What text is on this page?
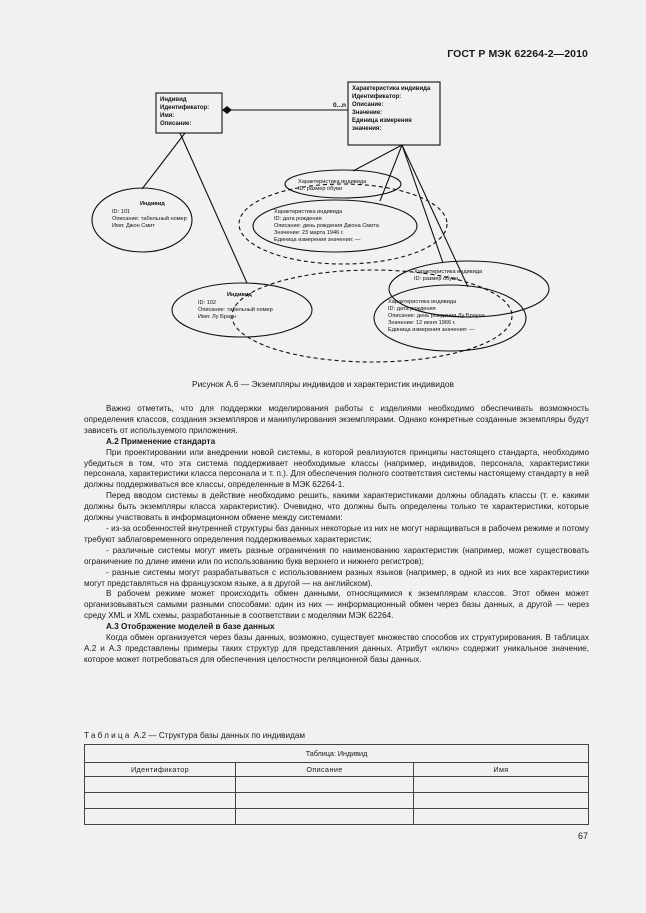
ГОСТ Р МЭК 62264-2—2010
Индивид
Идентификатор:
Имя:
Описание:
Характеристика индивида
Идентификатор:
Описание:
Значение:
Единица измерения
значения:
0...n
Индивид
ID: 101
Описание: табельный номер
Имя: Джон Смит
Характеристика индивида
ID: размер обуви
Характеристика индивида
ID: дата рождения
Описание: день рождения Джона Смита
Значение: 23 марта 1946 г.
Единица измерения значения: —
Индивид
ID: 102
Описание: табельный номер
Имя: Лу Браун
Характеристика индивида
ID: размер обуви
Характеристика индивида
ID: дата рождения
Описание: день рождения Лу Брауна
Значение: 12 июня 1966 г.
Единица измерения значения: —
Рисунок А.6 — Экземпляры индивидов и характеристик индивидов

Важно отметить, что для поддержки моделирования работы с изделиями необходимо обеспечивать возможность определения классов, создания экземпляров и манипулирования экземплярами. Однако конкретные созданные экземпляры будут зависеть от используемого приложения.

А.2 Применение стандарта

При проектировании или внедрении новой системы, в которой реализуются принципы настоящего стандарта, необходимо убедиться в том, что эта система поддерживает необходимые классы (например, индивидов, персонала, характеристики персонала, характеристики класса персонала и т. п.). Для обеспечения полного соответствия системы настоящему стандарту в ней должны поддерживаться все классы, определенные в МЭК 62264-1.

Перед вводом системы в действие необходимо решить, какими характеристиками должны обладать классы (т. е. какими должны быть экземпляры класса характеристик). Очевидно, что должны быть определены только те характеристики, которые должны участвовать в информационном обмене между системами:

- из-за особенностей внутренней структуры баз данных некоторые из них не могут наращиваться в рабочем режиме и потому требуют заблаговременного определения поддерживаемых характеристик;

- различные системы могут иметь разные ограничения по наименованию характеристик (например, может существовать ограничение по длине имени или по использованию букв верхнего и нижнего регистров);

- разные системы могут разрабатываться с использованием разных языков (например, в одной из них все характеристики могут представляться на французском языке, а в другой — на английском).

В рабочем режиме может происходить обмен данными, относящимися к экземплярам классов. Этот обмен может организовываться самыми разными способами: один из них — информационный обмен через базы данных, а другой — через среду XML и XML схемы, разработанные в соответствии с моделями МЭК 62264.

А.3 Отображение моделей в базе данных

Когда обмен организуется через базы данных, возможно, существует множество способов их структурирования. В таблицах А.2 и А.3 представлены примеры таких структур для представления данных. Атрибут «ключ» содержит уникальное значение, которое может потребоваться для обеспечения целостности реляционной базы данных.

Таблица А.2 — Структура базы данных по индивидам
Таблица: Индивид		
Идентификатор	Описание	Имя

67
